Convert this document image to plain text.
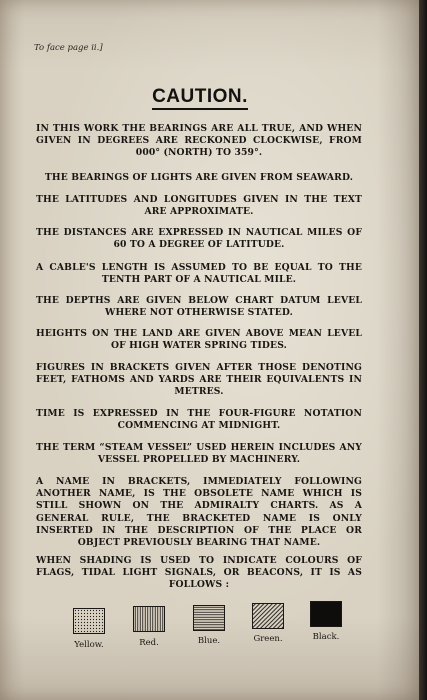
To face page ii.]
CAUTION.
IN THIS WORK THE BEARINGS ARE ALL TRUE, AND WHEN GIVEN IN DEGREES ARE RECKONED CLOCKWISE, FROM 000° (NORTH) TO 359°.
THE BEARINGS OF LIGHTS ARE GIVEN FROM SEAWARD.
THE LATITUDES AND LONGITUDES GIVEN IN THE TEXT ARE APPROXIMATE.
THE DISTANCES ARE EXPRESSED IN NAUTICAL MILES OF 60 TO A DEGREE OF LATITUDE.
A CABLE'S LENGTH IS ASSUMED TO BE EQUAL TO THE TENTH PART OF A NAUTICAL MILE.
THE DEPTHS ARE GIVEN BELOW CHART DATUM LEVEL WHERE NOT OTHERWISE STATED.
HEIGHTS ON THE LAND ARE GIVEN ABOVE MEAN LEVEL OF HIGH WATER SPRING TIDES.
FIGURES IN BRACKETS GIVEN AFTER THOSE DENOTING FEET, FATHOMS AND YARDS ARE THEIR EQUIVALENTS IN METRES.
TIME IS EXPRESSED IN THE FOUR-FIGURE NOTATION COMMENCING AT MIDNIGHT.
THE TERM “STEAM VESSEL” USED HEREIN INCLUDES ANY VESSEL PROPELLED BY MACHINERY.
A NAME IN BRACKETS, IMMEDIATELY FOLLOWING ANOTHER NAME, IS THE OBSOLETE NAME WHICH IS STILL SHOWN ON THE ADMIRALTY CHARTS. AS A GENERAL RULE, THE BRACKETED NAME IS ONLY INSERTED IN THE DESCRIPTION OF THE PLACE OR OBJECT PREVIOUSLY BEARING THAT NAME.
WHEN SHADING IS USED TO INDICATE COLOURS OF FLAGS, TIDAL LIGHT SIGNALS, OR BEACONS, IT IS AS FOLLOWS :
Yellow.	Red.	Blue.	Green.	Black.
